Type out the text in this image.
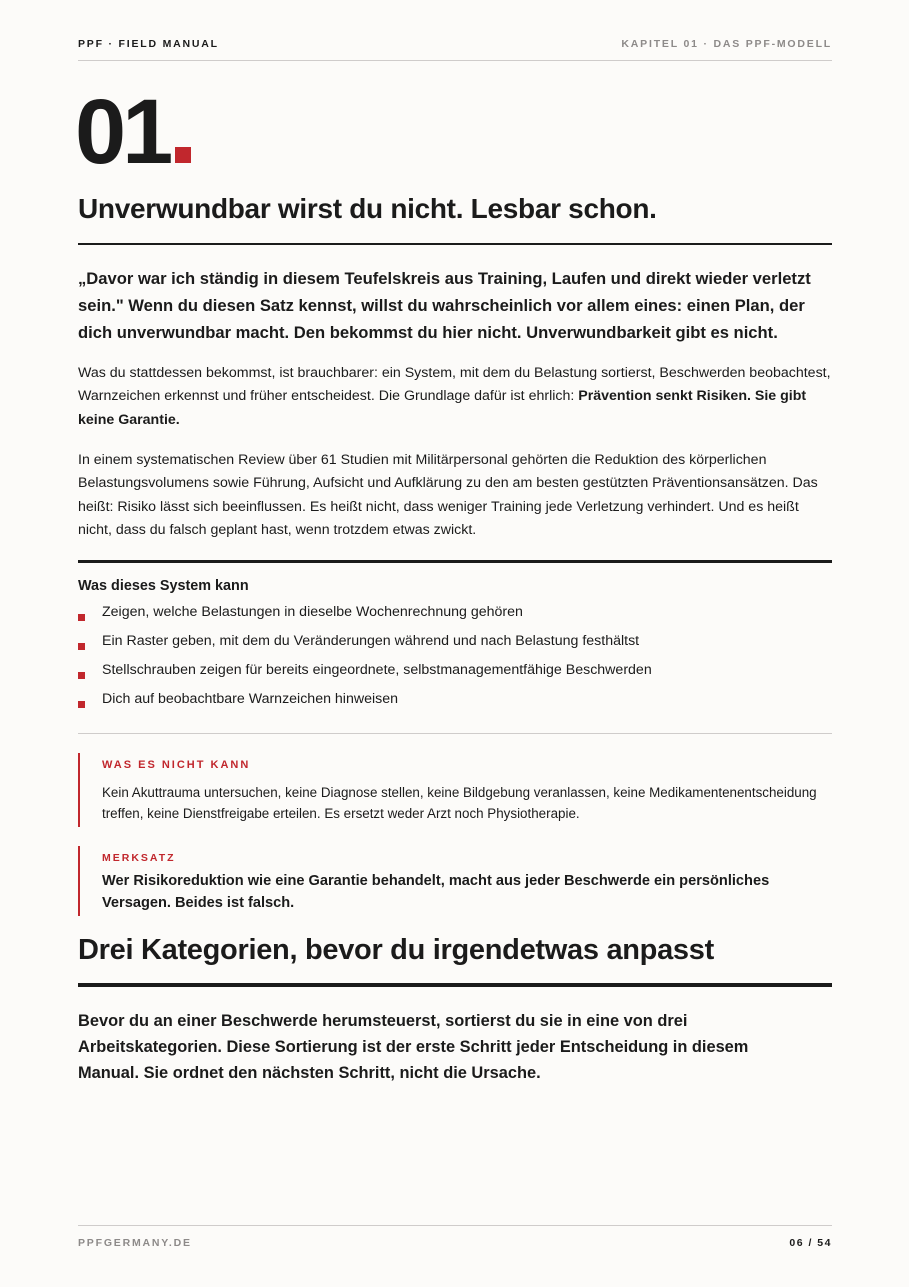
PPF · FIELD MANUAL	KAPITEL 01 · DAS PPF-MODELL
01
Unverwundbar wirst du nicht. Lesbar schon.

„Davor war ich ständig in diesem Teufelskreis aus Training, Laufen und direkt wieder verletzt sein." Wenn du diesen Satz kennst, willst du wahrscheinlich vor allem eines: einen Plan, der dich unverwundbar macht. Den bekommst du hier nicht. Unverwundbarkeit gibt es nicht.

Was du stattdessen bekommst, ist brauchbarer: ein System, mit dem du Belastung sortierst, Beschwerden beobachtest, Warnzeichen erkennst und früher entscheidest. Die Grundlage dafür ist ehrlich: Prävention senkt Risiken. Sie gibt keine Garantie.

In einem systematischen Review über 61 Studien mit Militärpersonal gehörten die Reduktion des körperlichen Belastungsvolumens sowie Führung, Aufsicht und Aufklärung zu den am besten gestützten Präventionsansätzen. Das heißt: Risiko lässt sich beeinflussen. Es heißt nicht, dass weniger Training jede Verletzung verhindert. Und es heißt nicht, dass du falsch geplant hast, wenn trotzdem etwas zwickt.

Was dieses System kann
Zeigen, welche Belastungen in dieselbe Wochenrechnung gehören
Ein Raster geben, mit dem du Veränderungen während und nach Belastung festhältst
Stellschrauben zeigen für bereits eingeordnete, selbstmanagementfähige Beschwerden
Dich auf beobachtbare Warnzeichen hinweisen
WAS ES NICHT KANN
Kein Akuttrauma untersuchen, keine Diagnose stellen, keine Bildgebung veranlassen, keine Medikamentenentscheidung treffen, keine Dienstfreigabe erteilen. Es ersetzt weder Arzt noch Physiotherapie.
MERKSATZ
Wer Risikoreduktion wie eine Garantie behandelt, macht aus jeder Beschwerde ein persönliches Versagen. Beides ist falsch.
Drei Kategorien, bevor du irgendetwas anpasst

Bevor du an einer Beschwerde herumsteuerst, sortierst du sie in eine von drei Arbeitskategorien. Diese Sortierung ist der erste Schritt jeder Entscheidung in diesem Manual. Sie ordnet den nächsten Schritt, nicht die Ursache.

PPFGERMANY.DE	06 / 54
